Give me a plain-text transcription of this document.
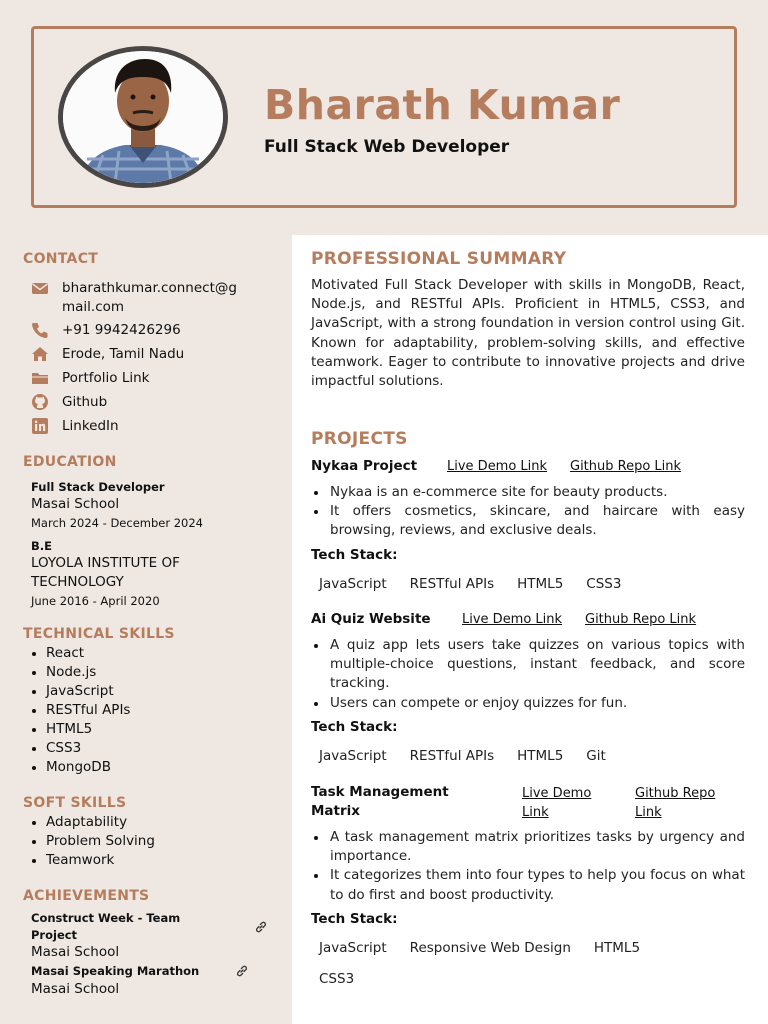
Bharath Kumar
Full Stack Web Developer
CONTACT
bharathkumar.connect@g
mail.com
+91 9942426296
Erode, Tamil Nadu
Portfolio Link
Github
LinkedIn
EDUCATION
Full Stack Developer
Masai School
March 2024 - December 2024
B.E
LOYOLA INSTITUTE OF
TECHNOLOGY
June 2016 - April 2020
TECHNICAL SKILLS
React
Node.js
JavaScript
RESTful APIs
HTML5
CSS3
MongoDB
SOFT SKILLS
Adaptability
Problem Solving
Teamwork
ACHIEVEMENTS
Construct Week - Team
Project
Masai School
Masai Speaking Marathon
Masai School
PROFESSIONAL SUMMARY
Motivated Full Stack Developer with skills in MongoDB, React, Node.js, and RESTful APIs. Proficient in HTML5, CSS3, and JavaScript, with a strong foundation in version control using Git. Known for adaptability, problem-solving skills, and effective teamwork. Eager to contribute to innovative projects and drive impactful solutions.
PROJECTS
Nykaa Project Live Demo Link Github Repo Link
Nykaa is an e-commerce site for beauty products.
It offers cosmetics, skincare, and haircare with easy browsing, reviews, and exclusive deals.
Tech Stack:
JavaScript RESTful APIs HTML5 CSS3
Ai Quiz Website Live Demo Link Github Repo Link
A quiz app lets users take quizzes on various topics with multiple-choice questions, instant feedback, and score tracking.
Users can compete or enjoy quizzes for fun.
Tech Stack:
JavaScript RESTful APIs HTML5 Git
Task Management
Matrix
Live Demo
Link
Github Repo
Link
A task management matrix prioritizes tasks by urgency and importance.
It categorizes them into four types to help you focus on what to do first and boost productivity.
Tech Stack:
JavaScript Responsive Web Design HTML5
CSS3
